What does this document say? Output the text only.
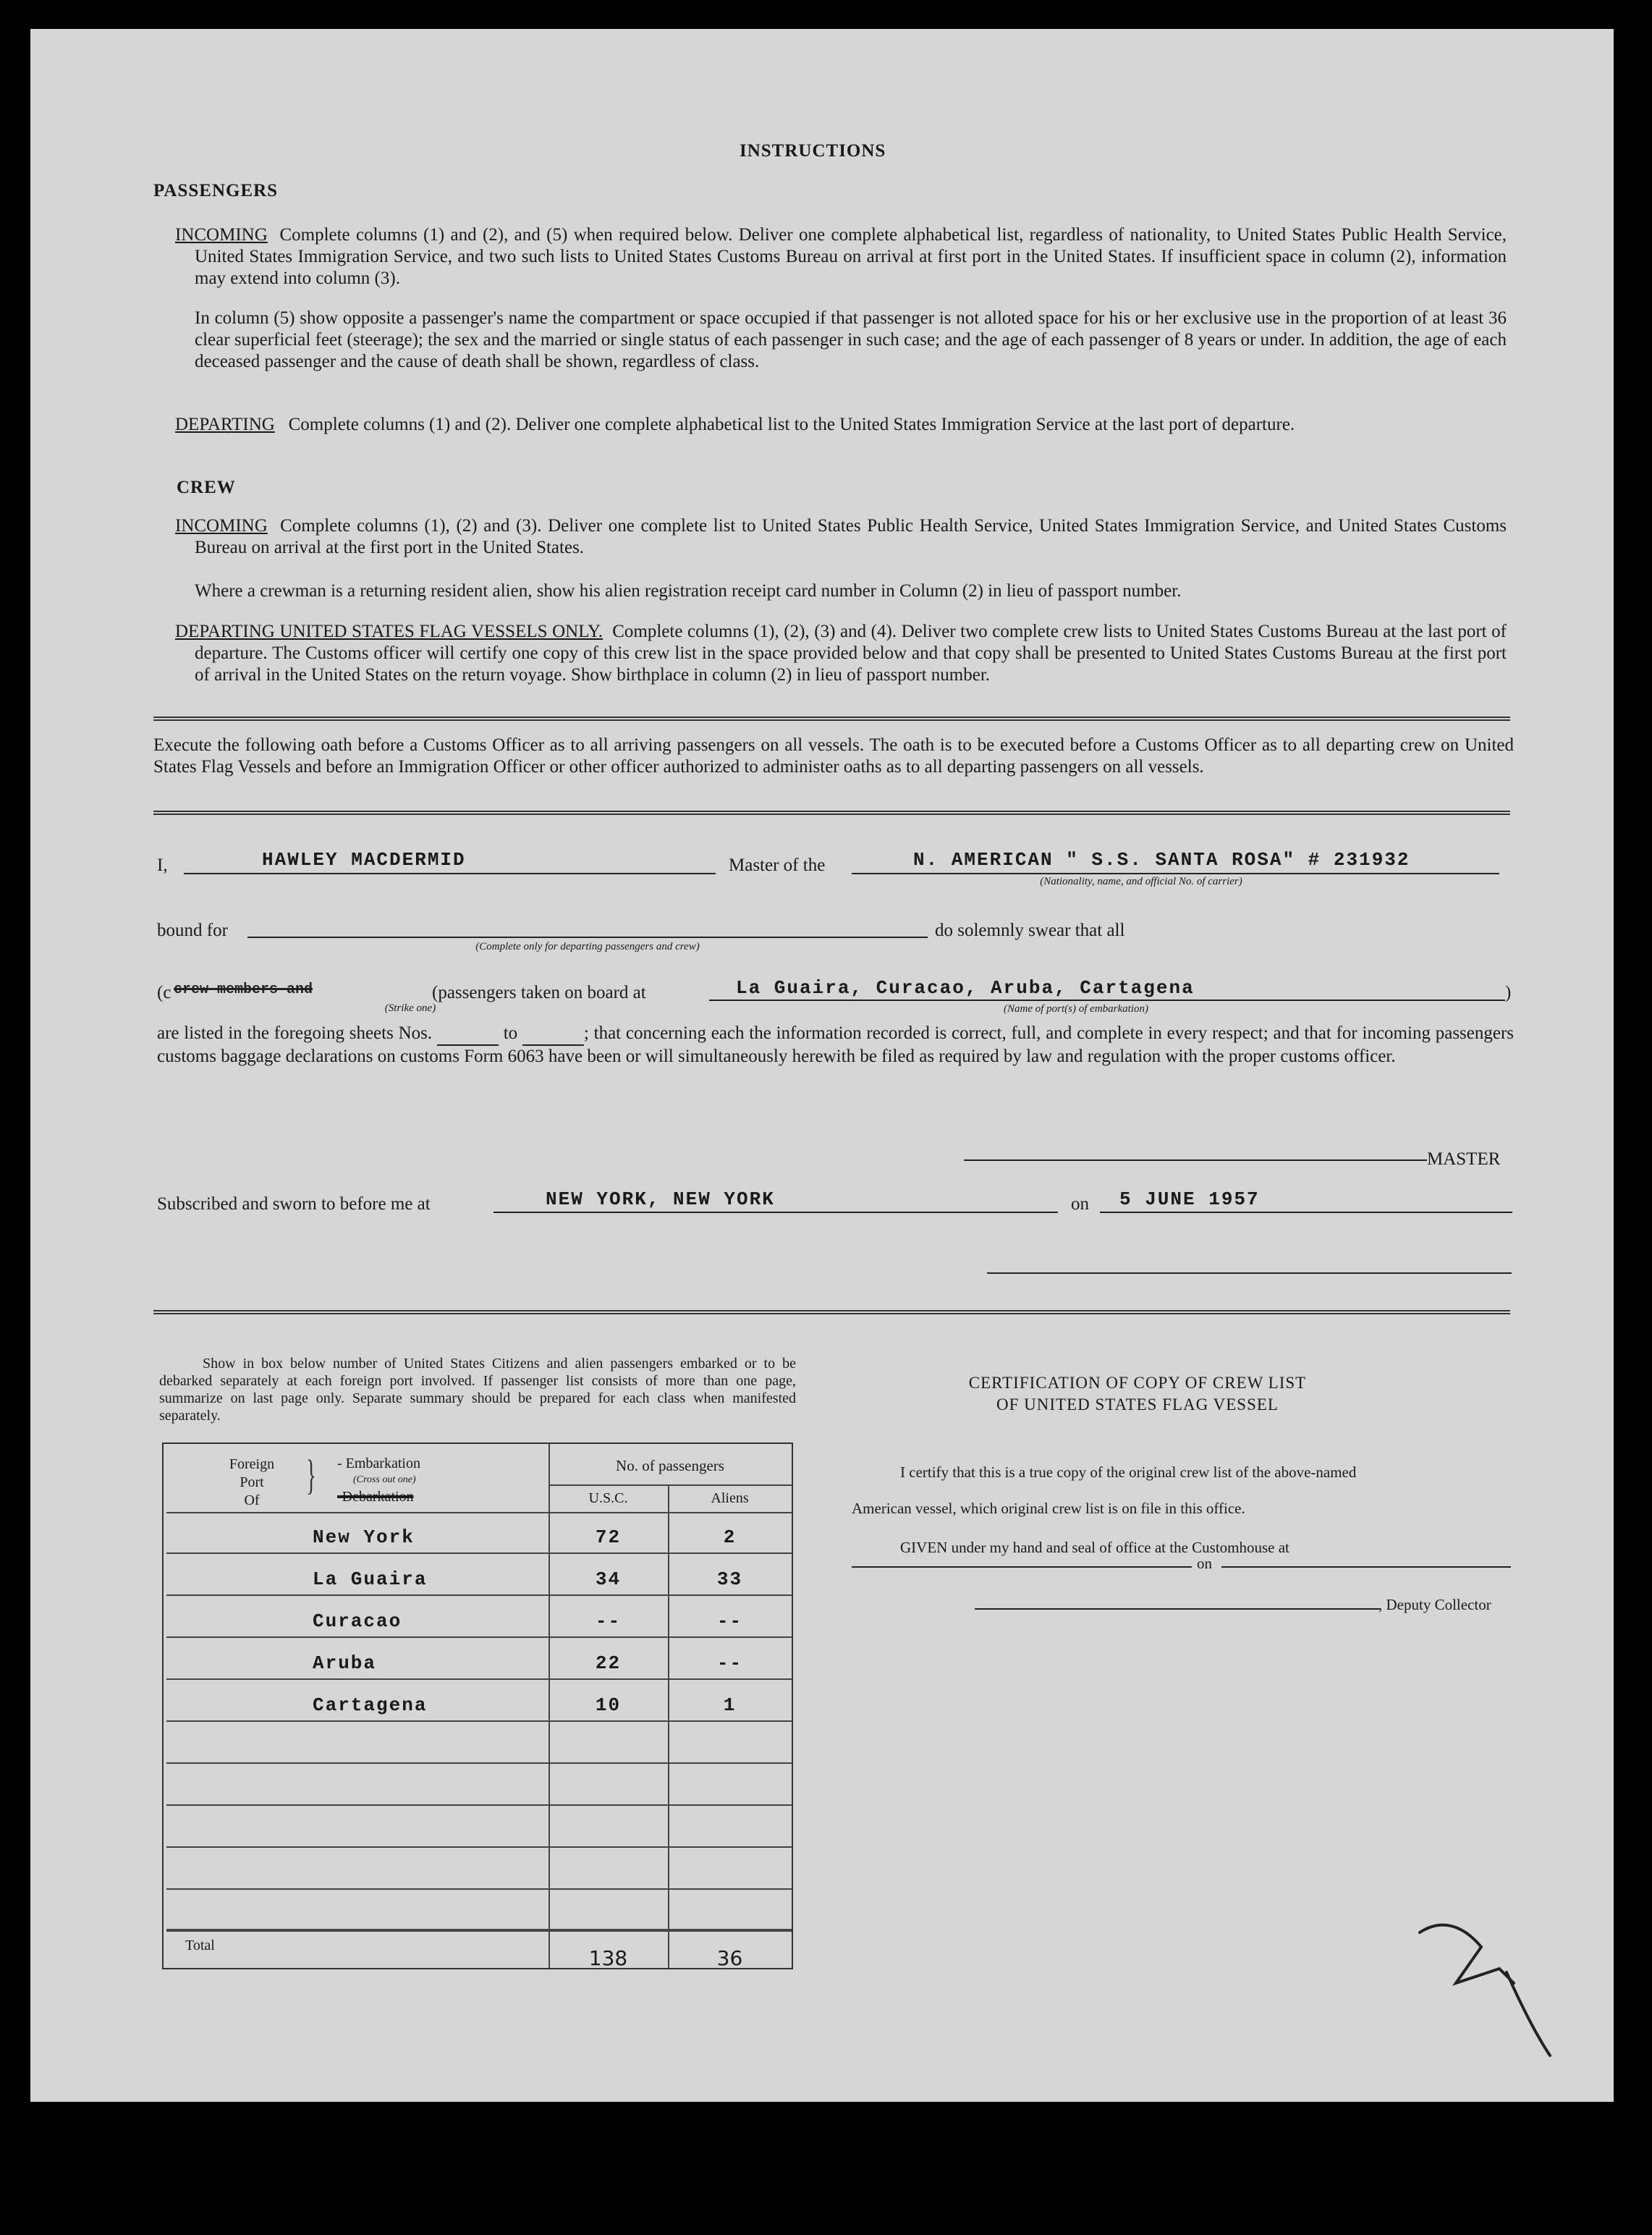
INSTRUCTIONS
PASSENGERS
INCOMING Complete columns (1) and (2), and (5) when required below. Deliver one complete alphabetical list, regardless of nationality, to United States Public Health Service, United States Immigration Service, and two such lists to United States Customs Bureau on arrival at first port in the United States. If insufficient space in column (2), information may extend into column (3).
In column (5) show opposite a passenger's name the compartment or space occupied if that passenger is not alloted space for his or her exclusive use in the proportion of at least 36 clear superficial feet (steerage); the sex and the married or single status of each passenger in such case; and the age of each passenger of 8 years or under. In addition, the age of each deceased passenger and the cause of death shall be shown, regardless of class.
DEPARTING Complete columns (1) and (2). Deliver one complete alphabetical list to the United States Immigration Service at the last port of departure.
CREW
INCOMING Complete columns (1), (2) and (3). Deliver one complete list to United States Public Health Service, United States Immigration Service, and United States Customs Bureau on arrival at the first port in the United States.
Where a crewman is a returning resident alien, show his alien registration receipt card number in Column (2) in lieu of passport number.
DEPARTING UNITED STATES FLAG VESSELS ONLY. Complete columns (1), (2), (3) and (4). Deliver two complete crew lists to United States Customs Bureau at the last port of departure. The Customs officer will certify one copy of this crew list in the space provided below and that copy shall be presented to United States Customs Bureau at the first port of arrival in the United States on the return voyage. Show birthplace in column (2) in lieu of passport number.
Execute the following oath before a Customs Officer as to all arriving passengers on all vessels. The oath is to be executed before a Customs Officer as to all departing crew on United States Flag Vessels and before an Immigration Officer or other officer authorized to administer oaths as to all departing passengers on all vessels.
I,	HAWLEY MACDERMID	Master of the	N. AMERICAN " S.S. SANTA ROSA" # 231932
(Nationality, name, and official No. of carrier)
bound for
(Complete only for departing passengers and crew)
do solemnly swear that all
(c crew members and
(Strike one)
(passengers taken on board at	La Guaira, Curacao, Aruba, Cartagena
(Name of port(s) of embarkation)
)
are listed in the foregoing sheets Nos.	to	; that concerning each the information recorded is correct, full, and complete in every respect; and that for incoming passengers customs baggage declarations on customs Form 6063 have been or will simultaneously herewith be filed as required by law and regulation with the proper customs officer.
MASTER
Subscribed and sworn to before me at	NEW YORK, NEW YORK	on 5 JUNE 1957
Show in box below number of United States Citizens and alien passengers embarked or to be debarked separately at each foreign port involved. If passenger list consists of more than one page, summarize on last page only. Separate summary should be prepared for each class when manifested separately.
Foreign
Port
Of
} - Embarkation
(Cross out one)
-Debarkation
No. of passengers
U.S.C.	Aliens
New York	72	2
La Guaira	34	33
Curacao	--	--
Aruba	22	--
Cartagena	10	1
Total
138	36
CERTIFICATION OF COPY OF CREW LIST
OF UNITED STATES FLAG VESSEL
I certify that this is a true copy of the original crew list of the above-named
American vessel, which original crew list is on file in this office.
GIVEN under my hand and seal of office at the Customhouse at
on
, Deputy Collector
